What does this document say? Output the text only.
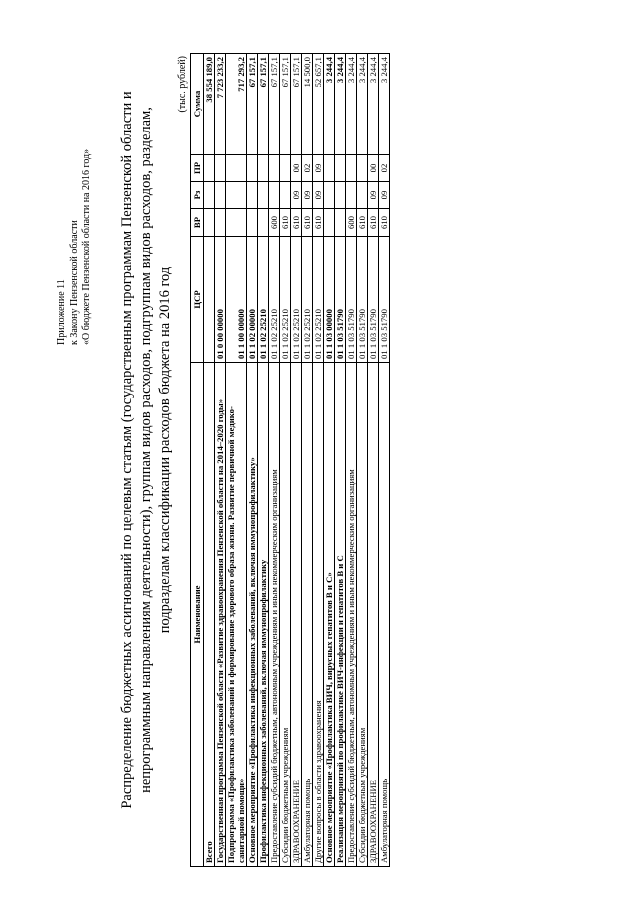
Приложение 11 к Закону Пензенской области «О бюджете Пензенской области на 2016 год» Распределение бюджетных ассигнований по целевым статьям (государственным программам Пензенской области и непрограммным направлениям деятельности), группам видов расходов, подгруппам видов расходов, разделам, подразделам классификации расходов бюджета на 2016 год
(тыс. рублей)
Наименование	ЦСР	ВР	Рз	ПР	Сумма
Всего					38 554 189,0
Государственная программа Пензенской области «Развитие здравоохранения Пензенской области на 2014–2020 годы»	01 0 00 00000				7 723 233,2
Подпрограмма «Профилактика заболеваний и формирование здорового образа жизни. Развитие первичной медико-санитарной помощи»	01 1 00 00000				717 293,2
Основное мероприятие «Профилактика инфекционных заболеваний, включая иммунопрофилактику»	01 1 02 00000				67 157,1
Профилактика инфекционных заболеваний, включая иммунопрофилактику	01 1 02 25210				67 157,1
Предоставление субсидий бюджетным, автономным учреждениям и иным некоммерческим организациям	01 1 02 25210	600			67 157,1
Субсидии бюджетным учреждениям	01 1 02 25210	610			67 157,1
ЗДРАВООХРАНЕНИЕ	01 1 02 25210	610	09	00	67 157,1
Амбулаторная помощь	01 1 02 25210	610	09	02	14 500,0
Другие вопросы в области здравоохранения	01 1 02 25210	610	09	09	52 657,1
Основное мероприятие «Профилактика ВИЧ, вирусных гепатитов В и С»	01 1 03 00000				3 244,4
Реализация мероприятий по профилактике ВИЧ-инфекции и гепатитов В и С	01 1 03 51790				3 244,4
Предоставление субсидий бюджетным, автономным учреждениям и иным некоммерческим организациям	01 1 03 51790	600			3 244,4
Субсидии бюджетным учреждениям	01 1 03 51790	610			3 244,4
ЗДРАВООХРАНЕНИЕ	01 1 03 51790	610	09	00	3 244,4
Амбулаторная помощь	01 1 03 51790	610	09	02	3 244,4
